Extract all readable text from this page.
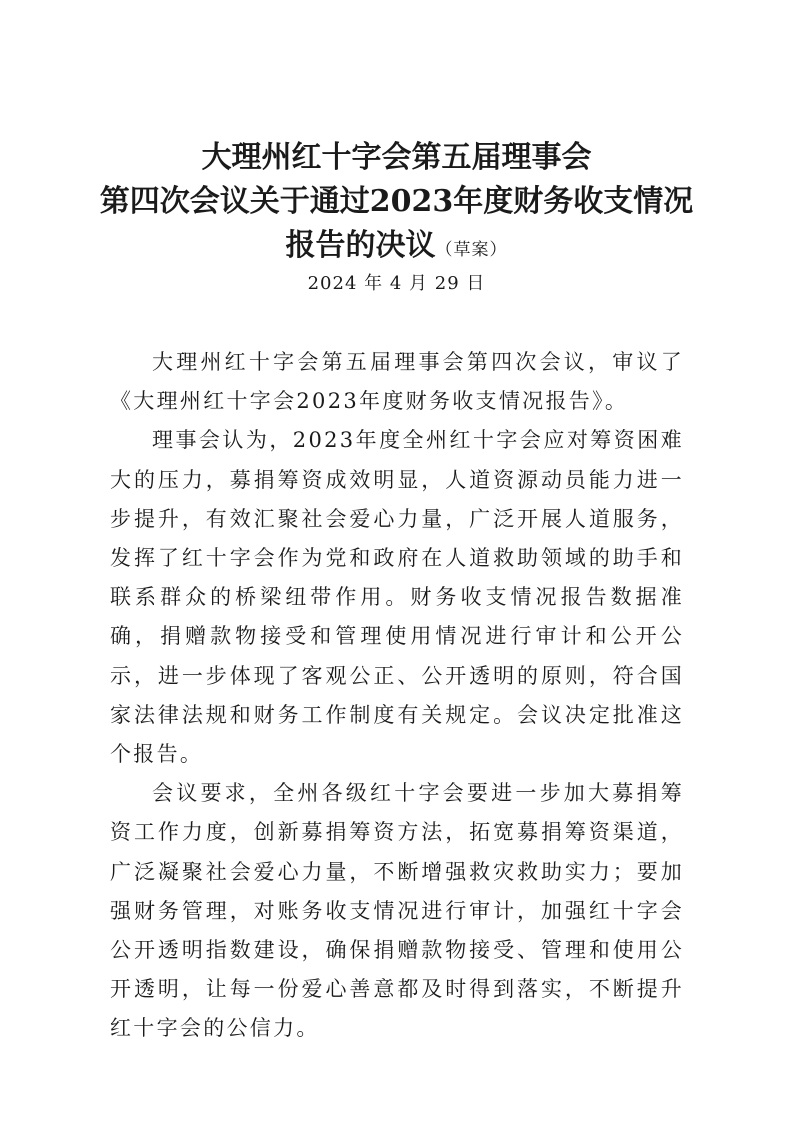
大理州红十字会第五届理事会
第四次会议关于通过2023年度财务收支情况
报告的决议（草案）
2024 年 4 月 29 日

大理州红十字会第五届理事会第四次会议，审议了《大理州红十字会2023年度财务收支情况报告》。

理事会认为，2023年度全州红十字会应对筹资困难大的压力，募捐筹资成效明显，人道资源动员能力进一步提升，有效汇聚社会爱心力量，广泛开展人道服务，发挥了红十字会作为党和政府在人道救助领域的助手和联系群众的桥梁纽带作用。财务收支情况报告数据准确，捐赠款物接受和管理使用情况进行审计和公开公示，进一步体现了客观公正、公开透明的原则，符合国家法律法规和财务工作制度有关规定。会议决定批准这个报告。

会议要求，全州各级红十字会要进一步加大募捐筹资工作力度，创新募捐筹资方法，拓宽募捐筹资渠道，广泛凝聚社会爱心力量，不断增强救灾救助实力；要加强财务管理，对账务收支情况进行审计，加强红十字会公开透明指数建设，确保捐赠款物接受、管理和使用公开透明，让每一份爱心善意都及时得到落实，不断提升红十字会的公信力。
